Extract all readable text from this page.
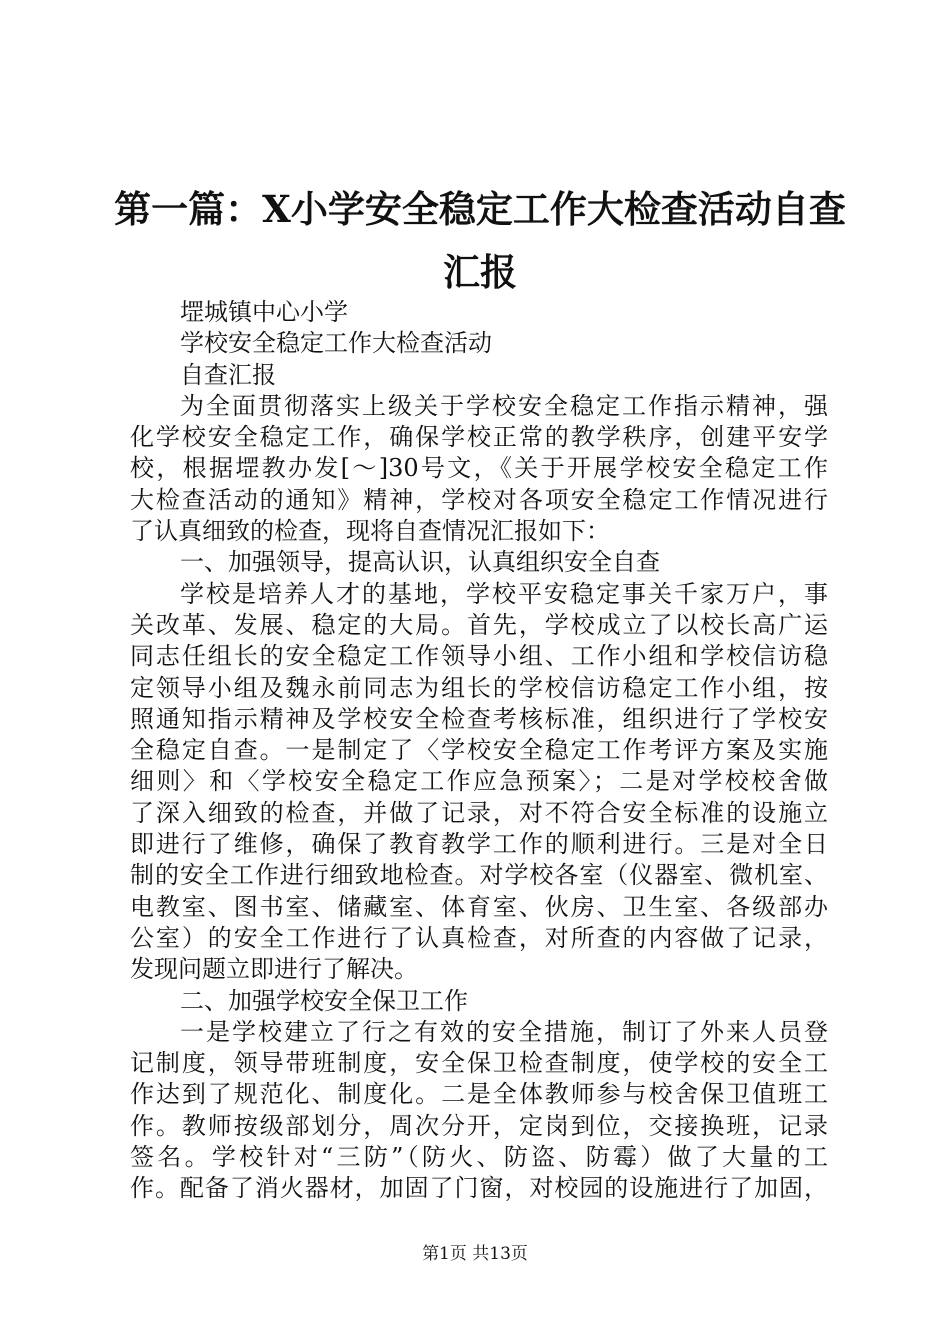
第一篇：X小学安全稳定工作大检查活动自查
汇报
堽城镇中心小学
学校安全稳定工作大检查活动
自查汇报
为全面贯彻落实上级关于学校安全稳定工作指示精神，强
化学校安全稳定工作，确保学校正常的教学秩序，创建平安学
校，根据堽教办发[～]30号文，《关于开展学校安全稳定工作
大检查活动的通知》精神，学校对各项安全稳定工作情况进行
了认真细致的检查，现将自查情况汇报如下：
一、加强领导，提高认识，认真组织安全自查
学校是培养人才的基地，学校平安稳定事关千家万户，事
关改革、发展、稳定的大局。首先，学校成立了以校长高广运
同志任组长的安全稳定工作领导小组、工作小组和学校信访稳
定领导小组及魏永前同志为组长的学校信访稳定工作小组，按
照通知指示精神及学校安全检查考核标准，组织进行了学校安
全稳定自查。一是制定了〈学校安全稳定工作考评方案及实施
细则〉和〈学校安全稳定工作应急预案〉；二是对学校校舍做
了深入细致的检查，并做了记录，对不符合安全标准的设施立
即进行了维修，确保了教育教学工作的顺利进行。三是对全日
制的安全工作进行细致地检查。对学校各室（仪器室、微机室、
电教室、图书室、储藏室、体育室、伙房、卫生室、各级部办
公室）的安全工作进行了认真检查，对所查的内容做了记录，
发现问题立即进行了解决。
二、加强学校安全保卫工作
一是学校建立了行之有效的安全措施，制订了外来人员登
记制度，领导带班制度，安全保卫检查制度，使学校的安全工
作达到了规范化、制度化。二是全体教师参与校舍保卫值班工
作。教师按级部划分，周次分开，定岗到位，交接换班，记录
签名。学校针对“三防”（防火、防盗、防霉）做了大量的工
作。配备了消火器材，加固了门窗，对校园的设施进行了加固，
第1页 共13页
